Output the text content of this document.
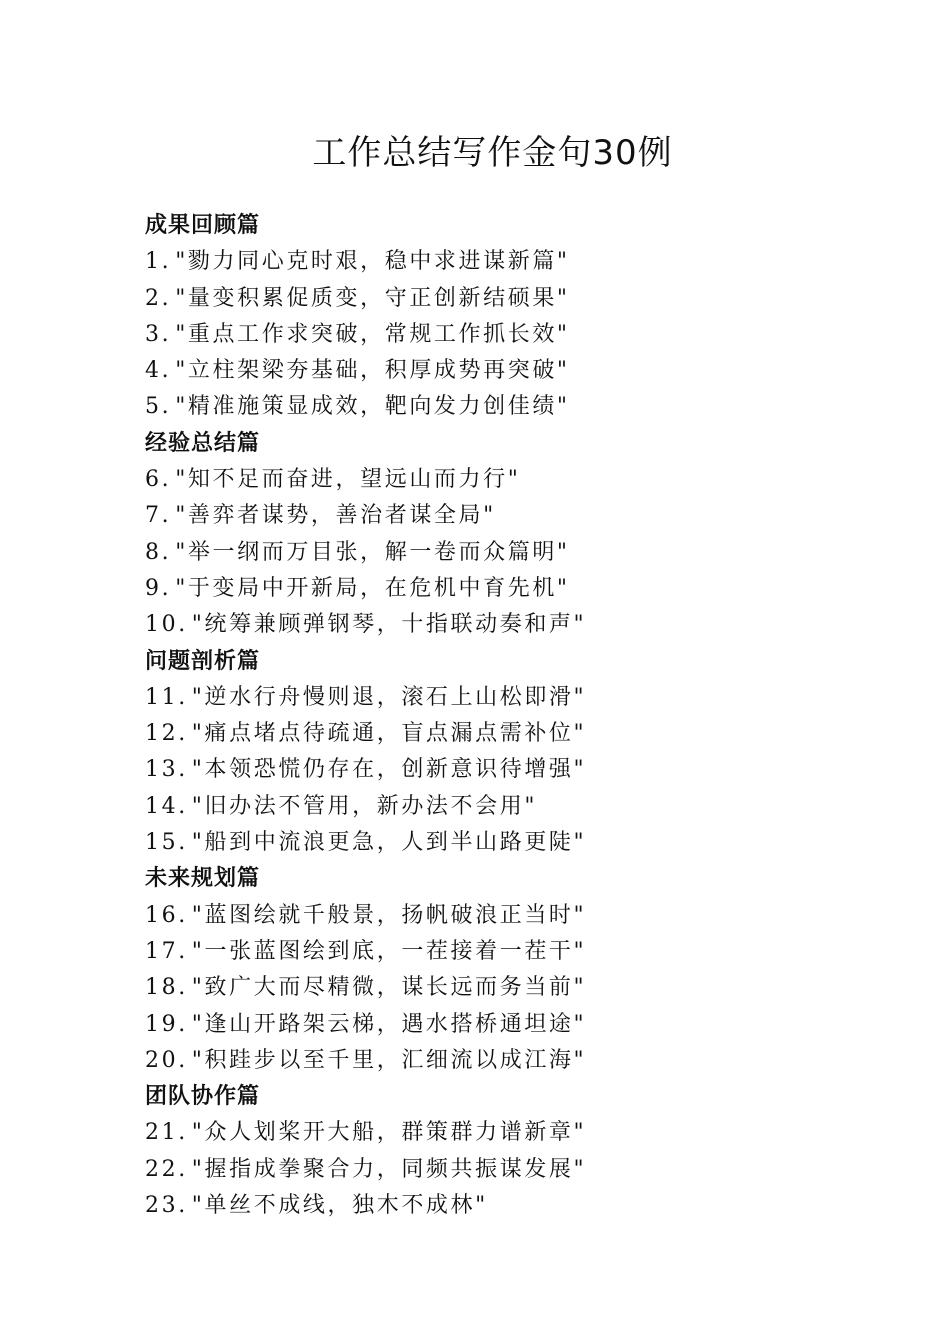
工作总结写作金句30例
成果回顾篇
1. "勠力同心克时艰，稳中求进谋新篇"
2. "量变积累促质变，守正创新结硕果"
3. "重点工作求突破，常规工作抓长效"
4. "立柱架梁夯基础，积厚成势再突破"
5. "精准施策显成效，靶向发力创佳绩"
经验总结篇
6. "知不足而奋进，望远山而力行"
7. "善弈者谋势，善治者谋全局"
8. "举一纲而万目张，解一卷而众篇明"
9. "于变局中开新局，在危机中育先机"
10. "统筹兼顾弹钢琴，十指联动奏和声"
问题剖析篇
11. "逆水行舟慢则退，滚石上山松即滑"
12. "痛点堵点待疏通，盲点漏点需补位"
13. "本领恐慌仍存在，创新意识待增强"
14. "旧办法不管用，新办法不会用"
15. "船到中流浪更急，人到半山路更陡"
未来规划篇
16. "蓝图绘就千般景，扬帆破浪正当时"
17. "一张蓝图绘到底，一茬接着一茬干"
18. "致广大而尽精微，谋长远而务当前"
19. "逢山开路架云梯，遇水搭桥通坦途"
20. "积跬步以至千里，汇细流以成江海"
团队协作篇
21. "众人划桨开大船，群策群力谱新章"
22. "握指成拳聚合力，同频共振谋发展"
23. "单丝不成线，独木不成林"
